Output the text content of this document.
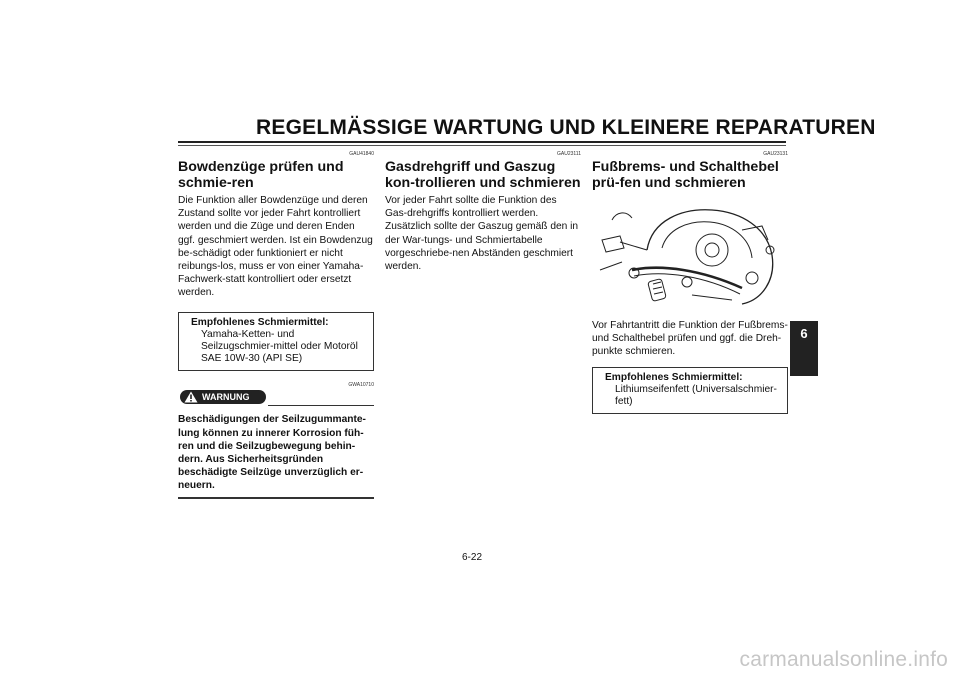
REGELMÄSSIGE WARTUNG UND KLEINERE REPARATUREN
GAU41840
Bowdenzüge prüfen und schmie-ren
Die Funktion aller Bowdenzüge und deren Zustand sollte vor jeder Fahrt kontrolliert werden und die Züge und deren Enden ggf. geschmiert werden. Ist ein Bowdenzug be-schädigt oder funktioniert er nicht reibungs-los, muss er von einer Yamaha-Fachwerk-statt kontrolliert oder ersetzt werden.
Empfohlenes Schmiermittel:
Yamaha-Ketten- und Seilzugschmier-mittel oder Motoröl SAE 10W-30 (API SE)
GWA10710
WARNUNG
Beschädigungen der Seilzugummante-lung können zu innerer Korrosion füh-ren und die Seilzugbewegung behin-dern. Aus Sicherheitsgründen beschädigte Seilzüge unverzüglich er-neuern.
GAU23111
Gasdrehgriff und Gaszug kon-trollieren und schmieren
Vor jeder Fahrt sollte die Funktion des Gas-drehgriffs kontrolliert werden. Zusätzlich sollte der Gaszug gemäß den in der War-tungs- und Schmiertabelle vorgeschriebe-nen Abständen geschmiert werden.
GAU23131
Fußbrems- und Schalthebel prü-fen und schmieren
Vor Fahrtantritt die Funktion der Fußbrems-und Schalthebel prüfen und ggf. die Dreh-punkte schmieren.
Empfohlenes Schmiermittel:
Lithiumseifenfett (Universalschmier-fett)
6
6-22
carmanualsonline.info
